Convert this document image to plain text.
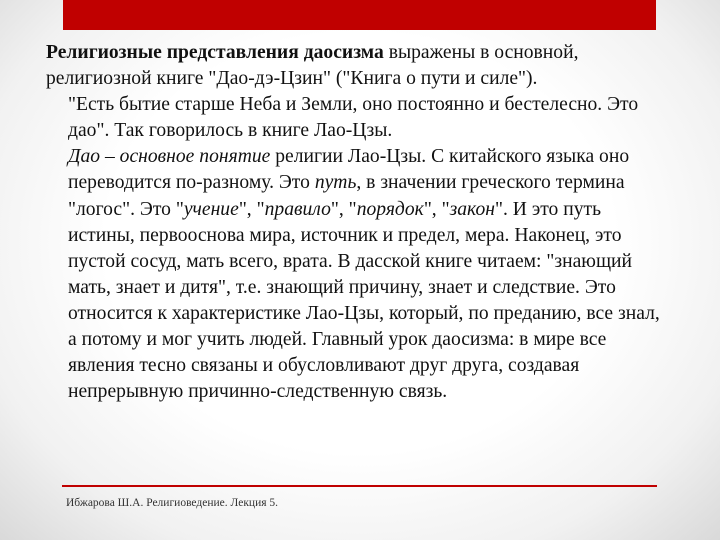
Религиозные представления даосизма выражены в основной, религиозной книге "Дао-дэ-Цзин" ("Книга о пути и силе").

"Есть бытие старше Неба и Земли, оно постоянно и бестелесно. Это дао". Так говорилось в книге Лао-Цзы.

Дао – основное понятие религии Лао-Цзы. С китайского языка оно переводится по-разному. Это путь, в значении греческого термина "логос". Это "учение", "правило", "порядок", "закон". И это путь истины, первооснова мира, источник и предел, мера. Наконец, это пустой сосуд, мать всего, врата. В дасской книге читаем: "знающий мать, знает и дитя", т.е. знающий причину, знает и следствие. Это относится к характеристике Лао-Цзы, который, по преданию, все знал, а потому и мог учить людей. Главный урок даосизма: в мире все явления тесно связаны и обусловливают друг друга, создавая непрерывную причинно-следственную связь.

Ибжарова Ш.А. Религиоведение. Лекция 5.
